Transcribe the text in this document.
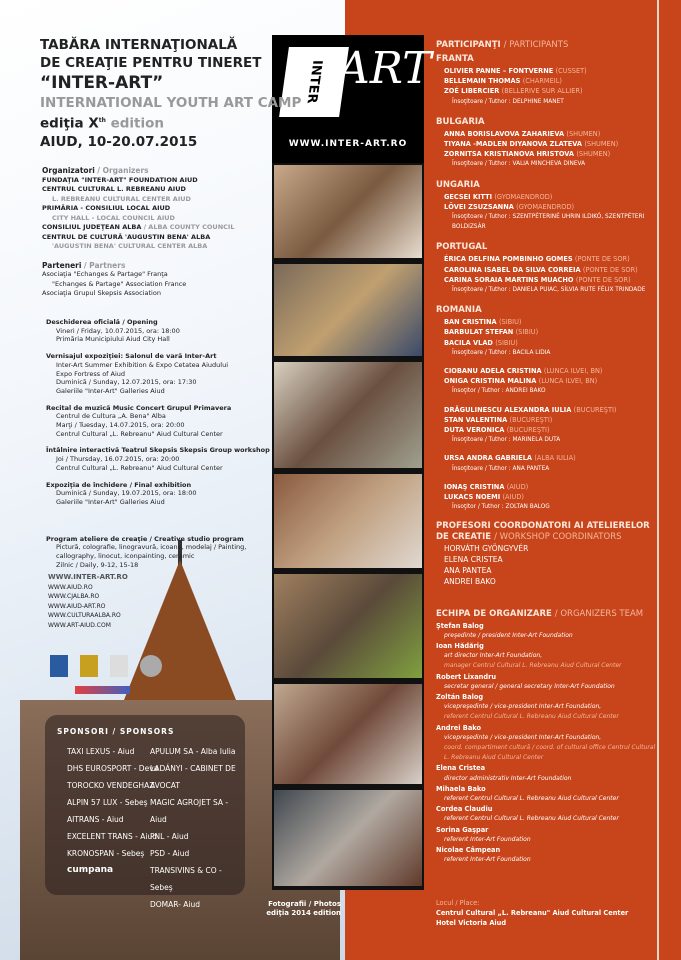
INTER ART
WWW.INTER-ART.RO
Fotografii / Photos
ediţia 2014 edition
TABĂRA INTERNAŢIONALĂ
DE CREAŢIE PENTRU TINERET
“INTER-ART”
INTERNATIONAL YOUTH ART CAMP
ediţia Xth edition
AIUD, 10-20.07.2015
Organizatori / Organizers
FUNDAŢIA "INTER-ART" FOUNDATION AIUD
CENTRUL CULTURAL L. REBREANU AIUD
L. REBREANU CULTURAL CENTER AIUD
PRIMĂRIA - CONSILIUL LOCAL AIUD
CITY HALL - LOCAL COUNCIL AIUD
CONSILIUL JUDEŢEAN ALBA / ALBA COUNTY COUNCIL
CENTRUL DE CULTURĂ 'AUGUSTIN BENA' ALBA
'AUGUSTIN BENA' CULTURAL CENTER ALBA
Parteneri / Partners
Asociaţia "Echanges & Partage" Franţa
"Echanges & Partage" Association France
Asociaţia Grupul Skepsis Association
Deschiderea oficială / Opening
Vineri / Friday, 10.07.2015, ora: 18:00
Primăria Municipiului Aiud City Hall
Vernisajul expoziţiei: Salonul de vară Inter-Art
Inter-Art Summer Exhibition & Expo Cetatea Aiudului
Expo Fortress of Aiud
Duminică / Sunday, 12.07.2015, ora: 17:30
Galeriile "Inter-Art" Galleries Aiud
Recital de muzică Music Concert Grupul Primavera
Centrul de Cultura „A. Bena" Alba
Marţi / Tuesday, 14.07.2015, ora: 20:00
Centrul Cultural „L. Rebreanu" Aiud Cultural Center
Întâlnire interactivă Teatrul Skepsis Skepsis Group workshop
Joi / Thursday, 16.07.2015, ora: 20:00
Centrul Cultural „L. Rebreanu" Aiud Cultural Center
Expoziţia de închidere / Final exhibition
Duminică / Sunday, 19.07.2015, ora: 18:00
Galeriile "Inter-Art" Galleries Aiud
Program ateliere de creaţie / Creative studio program
Pictură, colografie, linogravură, icoane, modelaj / Painting,
callography, linocut, iconpainting, ceramic
Zilnic / Daily, 9-12, 15-18
WWW.INTER-ART.RO
WWW.AIUD.RO
WWW.CJALBA.RO
WWW.AIUD-ART.RO
WWW.CULTURAALBA.RO
WWW.ART-AIUD.COM
SPONSORI / SPONSORS
TAXI LEXUS - Aiud
DHS EUROSPORT - Deva
TOROCKO VENDEGHAZ
ALPIN 57 LUX - Sebeş
AITRANS - Aiud
EXCELENT TRANS - Aiud
KRONOSPAN - Sebeş
cumpana
APULUM SA - Alba Iulia
LADÁNYI - CABINET DE AVOCAT
MAGIC AGROJET SA - Aiud
PNL - Aiud
PSD - Aiud
TRANSIVINS & CO - Sebeş
DOMAR- Aiud
PARTICIPANŢI / PARTICIPANTS
FRANTA
OLIVIER PANNE – FONTVERNE (CUSSET)
BELLEMAIN THOMAS (CHARMEIL)
ZOÉ LIBERCIER (BELLERIVE SUR ALLIER)
Însoţitoare / Tuthor : DELPHINE MANET
BULGARIA
ANNA BORISLAVOVA ZAHARIEVA (SHUMEN)
TIYANA -MADLEN DIYANOVA ZLATEVA (SHUMEN)
ZORNITSA KRISTIANOVA HRISTOVA (SHUMEN)
Însoţitoare / Tuthor : VALIA MINCHEVA DINEVA
UNGARIA
GECSEI KITTI (GYOMAENDROD)
LŐVEI ZSUZSANNA (GYOMAENDROD)
Însoţitoare / Tuthor : SZENTPÉTERINÉ UHRIN ILDIKÓ, SZENTPÉTERI BOLDIZSÁR
PORTUGAL
ÉRICA DELFINA POMBINHO GOMES (PONTE DE SOR)
CAROLINA ISABEL DA SILVA CORREIA (PONTE DE SOR)
CARINA SORAIA MARTINS MUACHO (PONTE DE SOR)
Însoţitoare / Tuthor : DANIELA PUIAC, SÍLVIA RUTE FÉLIX TRINDADE
ROMANIA
BAN CRISTINA (SIBIU)
BARBULAT STEFAN (SIBIU)
BACILA VLAD (SIBIU)
Însoţitoare / Tuthor : BACILA LIDIA
CIOBANU ADELA CRISTINA (LUNCA ILVEI, BN)
ONIGA CRISTINA MALINA (LUNCA ILVEI, BN)
Însoţitor / Tuthor : ANDREI BAKO
DRĂGULINESCU ALEXANDRA IULIA (BUCUREŞTI)
STAN VALENTINA (BUCUREŞTI)
DUTA VERONICA (BUCUREŞTI)
Însoţitoare / Tuthor : MARINELA DUTA
URSA ANDRA GABRIELA (ALBA IULIA)
Însoţitoare / Tuthor : ANA PANTEA
IONAŞ CRISTINA (AIUD)
LUKACS NOEMI (AIUD)
Însoţitor / Tuthor : ZOLTAN BALOG
PROFESORI COORDONATORI AI ATELIERELOR DE CREATIE / WORKSHOP COORDINATORS
HORVÁTH GYÖNGYVÉR
ELENA CRISTEA
ANA PANTEA
ANDREI BAKO
ECHIPA DE ORGANIZARE / ORGANIZERS TEAM
Ştefan Balog
preşedinte / president Inter-Art Foundation
Ioan Hădărig
art director Inter-Art Foundation,
manager Centrul Cultural L. Rebreanu Aiud Cultural Center
Robert Lixandru
secretar general / general secretary Inter-Art Foundation
Zoltán Balog
vicepreşedinte / vice-president Inter-Art Foundation,
referent Centrul Cultural L. Rebreanu Aiud Cultural Center
Andrei Bako
vicepreşedinte / vice-president Inter-Art Foundation,
coord. compartiment cultură / coord. of cultural office Centrul Cultural L. Rebreanu Aiud Cultural Center
Elena Cristea
director administrativ Inter-Art Foundation
Mihaela Bako
referent Centrul Cultural L. Rebreanu Aiud Cultural Center
Cordea Claudiu
referent Centrul Cultural L. Rebreanu Aiud Cultural Center
Sorina Gaşpar
referent Inter-Art Foundation
Nicolae Câmpean
referent Inter-Art Foundation
Locul / Place:
Centrul Cultural „L. Rebreanu" Aiud Cultural Center
Hotel Victoria Aiud
